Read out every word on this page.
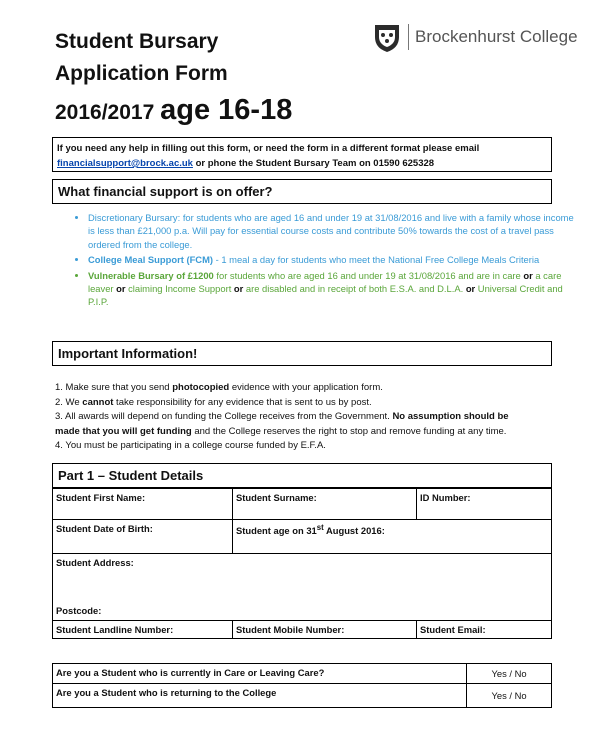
Student Bursary
Application Form
2016/2017 age 16-18
Brockenhurst College
If you need any help in filling out this form, or need the form in a different format please email
financialsupport@brock.ac.uk or phone the Student Bursary Team on 01590 625328
What financial support is on offer?
• Discretionary Bursary: for students who are aged 16 and under 19 at 31/08/2016 and live with a family whose income is less than £21,000 p.a. Will pay for essential course costs and contribute 50% towards the cost of a travel pass ordered from the college.
• College Meal Support (FCM) - 1 meal a day for students who meet the National Free College Meals Criteria
• Vulnerable Bursary of £1200 for students who are aged 16 and under 19 at 31/08/2016 and are in care or a care leaver or claiming Income Support or are disabled and in receipt of both E.S.A. and D.L.A. or Universal Credit and P.I.P.
Important Information!
1. Make sure that you send photocopied evidence with your application form.
2. We cannot take responsibility for any evidence that is sent to us by post.
3. All awards will depend on funding the College receives from the Government. No assumption should be
made that you will get funding and the College reserves the right to stop and remove funding at any time.
4. You must be participating in a college course funded by E.F.A.
Part 1 – Student Details
Student First Name:	Student Surname:	ID Number:
Student Date of Birth:	Student age on 31st August 2016:	

Student Address:
Postcode:		

Student Landline Number:	Student Mobile Number:	Student Email:
Are you a Student who is currently in Care or Leaving Care?	Yes / No
Are you a Student who is returning to the College	Yes / No
